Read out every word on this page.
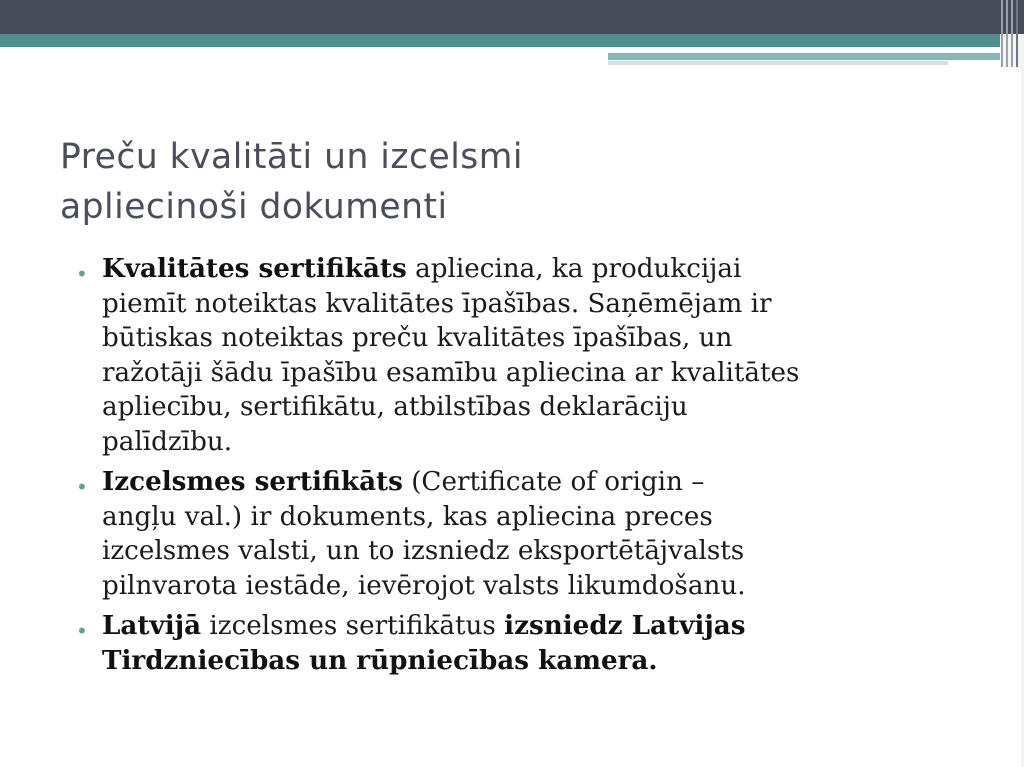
Preču kvalitāti un izcelsmi
apliecinoši dokumenti
• Kvalitātes sertifikāts apliecina, ka produkcijai
piemīt noteiktas kvalitātes īpašības. Saņēmējam ir
būtiskas noteiktas preču kvalitātes īpašības, un
ražotāji šādu īpašību esamību apliecina ar kvalitātes
apliecību, sertifikātu, atbilstības deklarāciju
palīdzību.
• Izcelsmes sertifikāts (Certificate of origin –
angļu val.) ir dokuments, kas apliecina preces
izcelsmes valsti, un to izsniedz eksportētājvalsts
pilnvarota iestāde, ievērojot valsts likumdošanu.
• Latvijā izcelsmes sertifikātus izsniedz Latvijas
Tirdzniecības un rūpniecības kamera.
